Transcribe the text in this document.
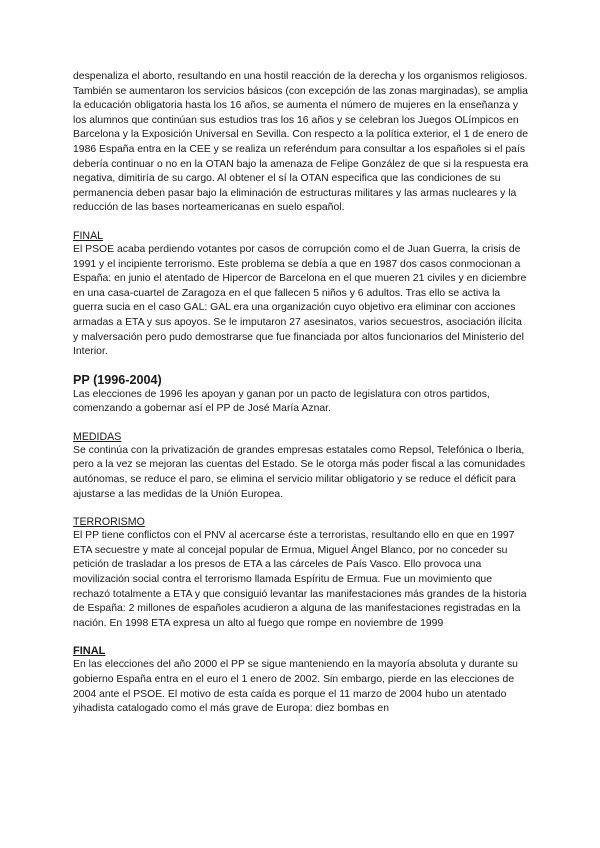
despenaliza el aborto, resultando en una hostil reacción de la derecha y los organismos religiosos. También se aumentaron los servicios básicos (con excepción de las zonas marginadas), se amplia la educación obligatoria hasta los 16 años, se aumenta el número de mujeres en la enseñanza y los alumnos que continúan sus estudios tras los 16 años y se celebran los Juegos OLímpicos en Barcelona y la Exposición Universal en Sevilla. Con respecto a la política exterior, el 1 de enero de 1986 España entra en la CEE y se realiza un referéndum para consultar a los españoles si el país debería continuar o no en la OTAN bajo la amenaza de Felipe González de que si la respuesta era negativa, dimitiría de su cargo. Al obtener el sí la OTAN especifica que las condiciones de su permanencia deben pasar bajo la eliminación de estructuras militares y las armas nucleares y la reducción de las bases norteamericanas en suelo español.

FINAL

El PSOE acaba perdiendo votantes por casos de corrupción como el de Juan Guerra, la crisis de 1991 y el incipiente terrorismo. Este problema se debía a que en 1987 dos casos conmocionan a España: en junio el atentado de Hipercor de Barcelona en el que mueren 21 civiles y en diciembre en una casa-cuartel de Zaragoza en el que fallecen 5 niños y 6 adultos. Tras ello se activa la guerra sucia en el caso GAL: GAL era una organización cuyo objetivo era eliminar con acciones armadas a ETA y sus apoyos. Se le imputaron 27 asesinatos, varios secuestros, asociación ilícita y malversación pero pudo demostrarse que fue financiada por altos funcionarios del Ministerio del Interior.

PP (1996-2004)

Las elecciones de 1996 les apoyan y ganan por un pacto de legislatura con otros partidos, comenzando a gobernar así el PP de José María Aznar.

MEDIDAS

Se continúa con la privatización de grandes empresas estatales como Repsol, Telefónica o Iberia, pero a la vez se mejoran las cuentas del Estado. Se le otorga más poder fiscal a las comunidades autónomas, se reduce el paro, se elimina el servicio militar obligatorio y se reduce el déficit para ajustarse a las medidas de la Unión Europea.

TERRORISMO

El PP tiene conflictos con el PNV al acercarse éste a terroristas, resultando ello en que en 1997 ETA secuestre y mate al concejal popular de Ermua, Miguel Ángel Blanco, por no conceder su petición de trasladar a los presos de ETA a las cárceles de País Vasco. Ello provoca una movilización social contra el terrorismo llamada Espíritu de Ermua. Fue un movimiento que rechazó totalmente a ETA y que consiguió levantar las manifestaciones más grandes de la historia de España: 2 millones de españoles acudieron a alguna de las manifestaciones registradas en la nación. En 1998 ETA expresa un alto al fuego que rompe en noviembre de 1999

FINAL

En las elecciones del año 2000 el PP se sigue manteniendo en la mayoría absoluta y durante su gobierno España entra en el euro el 1 enero de 2002. Sin embargo, pierde en las elecciones de 2004 ante el PSOE. El motivo de esta caída es porque el 11 marzo de 2004 hubo un atentado yihadista catalogado como el más grave de Europa: diez bombas en
